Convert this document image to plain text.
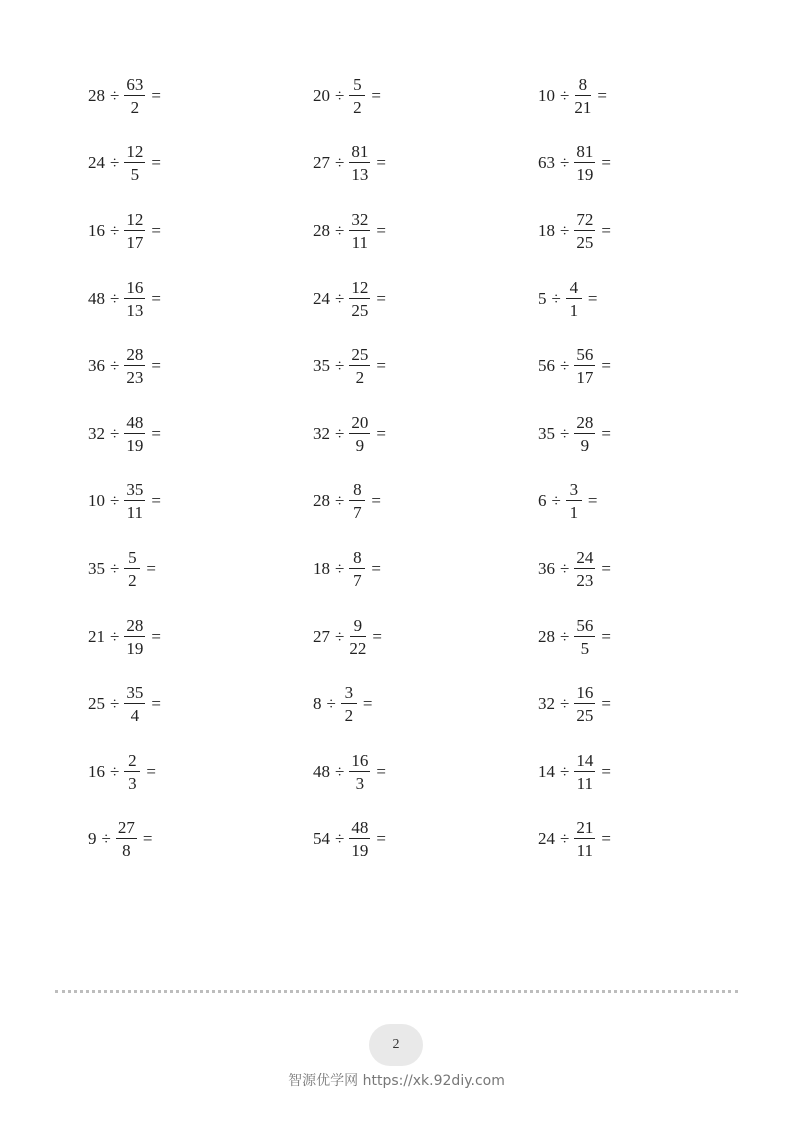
$28 \div \frac{63}{2}$ =	$20 \div \frac{5}{2}$ =	$10 \div \frac{8}{21}$ =
$24 \div \frac{12}{5}$ =	$27 \div \frac{81}{13}$ =	$63 \div \frac{81}{19}$ =
$16 \div \frac{12}{17}$ =	$28 \div \frac{32}{11}$ =	$18 \div \frac{72}{25}$ =
$48 \div \frac{16}{13}$ =	$24 \div \frac{12}{25}$ =	$5 \div \frac{4}{1}$ =
$36 \div \frac{28}{23}$ =	$35 \div \frac{25}{2}$ =	$56 \div \frac{56}{17}$ =
$32 \div \frac{48}{19}$ =	$32 \div \frac{20}{9}$ =	$35 \div \frac{28}{9}$ =
$10 \div \frac{35}{11}$ =	$28 \div \frac{8}{7}$ =	$6 \div \frac{3}{1}$ =
$35 \div \frac{5}{2}$ =	$18 \div \frac{8}{7}$ =	$36 \div \frac{24}{23}$ =
$21 \div \frac{28}{19}$ =	$27 \div \frac{9}{22}$ =	$28 \div \frac{56}{5}$ =
$25 \div \frac{35}{4}$ =	$8 \div \frac{3}{2}$ =	$32 \div \frac{16}{25}$ =
$16 \div \frac{2}{3}$ =	$48 \div \frac{16}{3}$ =	$14 \div \frac{14}{11}$ =
$9 \div \frac{27}{8}$ =	$54 \div \frac{48}{19}$ =	$24 \div \frac{21}{11}$ =
2
智源优学网 https://xk.92diy.com
